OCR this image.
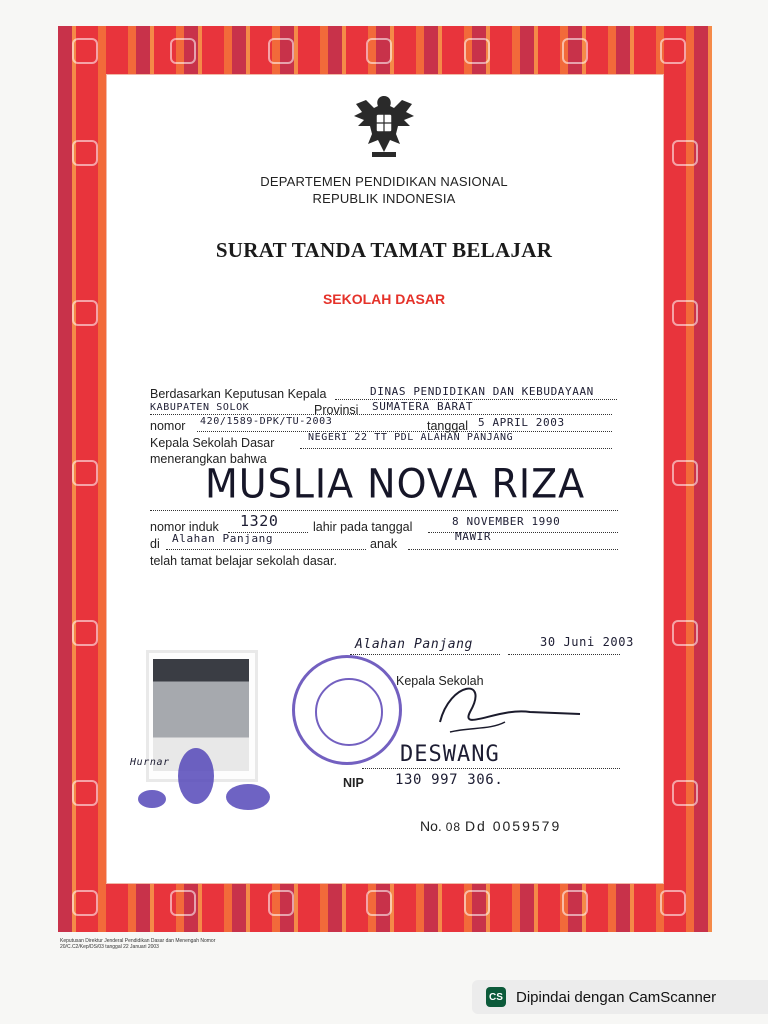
DEPARTEMEN PENDIDIKAN NASIONAL
REPUBLIK INDONESIA
SURAT TANDA TAMAT BELAJAR
SEKOLAH DASAR
Berdasarkan Keputusan Kepala	DINAS PENDIDIKAN DAN KEBUDAYAAN
KABUPATEN SOLOK	Provinsi SUMATERA BARAT
nomor 420/1589-DPK/TU-2003	tanggal 5 APRIL 2003
Kepala Sekolah Dasar	NEGERI 22 TT PDL ALAHAN PANJANG
menerangkan bahwa
MUSLIA NOVA RIZA
nomor induk 1320	lahir pada tanggal	8 NOVEMBER 1990
di Alahan Panjang	anak
MAWIR
telah tamat belajar sekolah dasar.
Alahan Panjang	30 Juni 2003
Hurnar
Kepala Sekolah
DESWANG
NIP 130 997 306.
No. 08 Dd 0059579
Keputusan Direktur Jenderal Pendidikan Dasar dan Menengah Nomor 20/C.C2/Kep/DS/03 tanggal 22 Januari 2003
CS Dipindai dengan CamScanner
